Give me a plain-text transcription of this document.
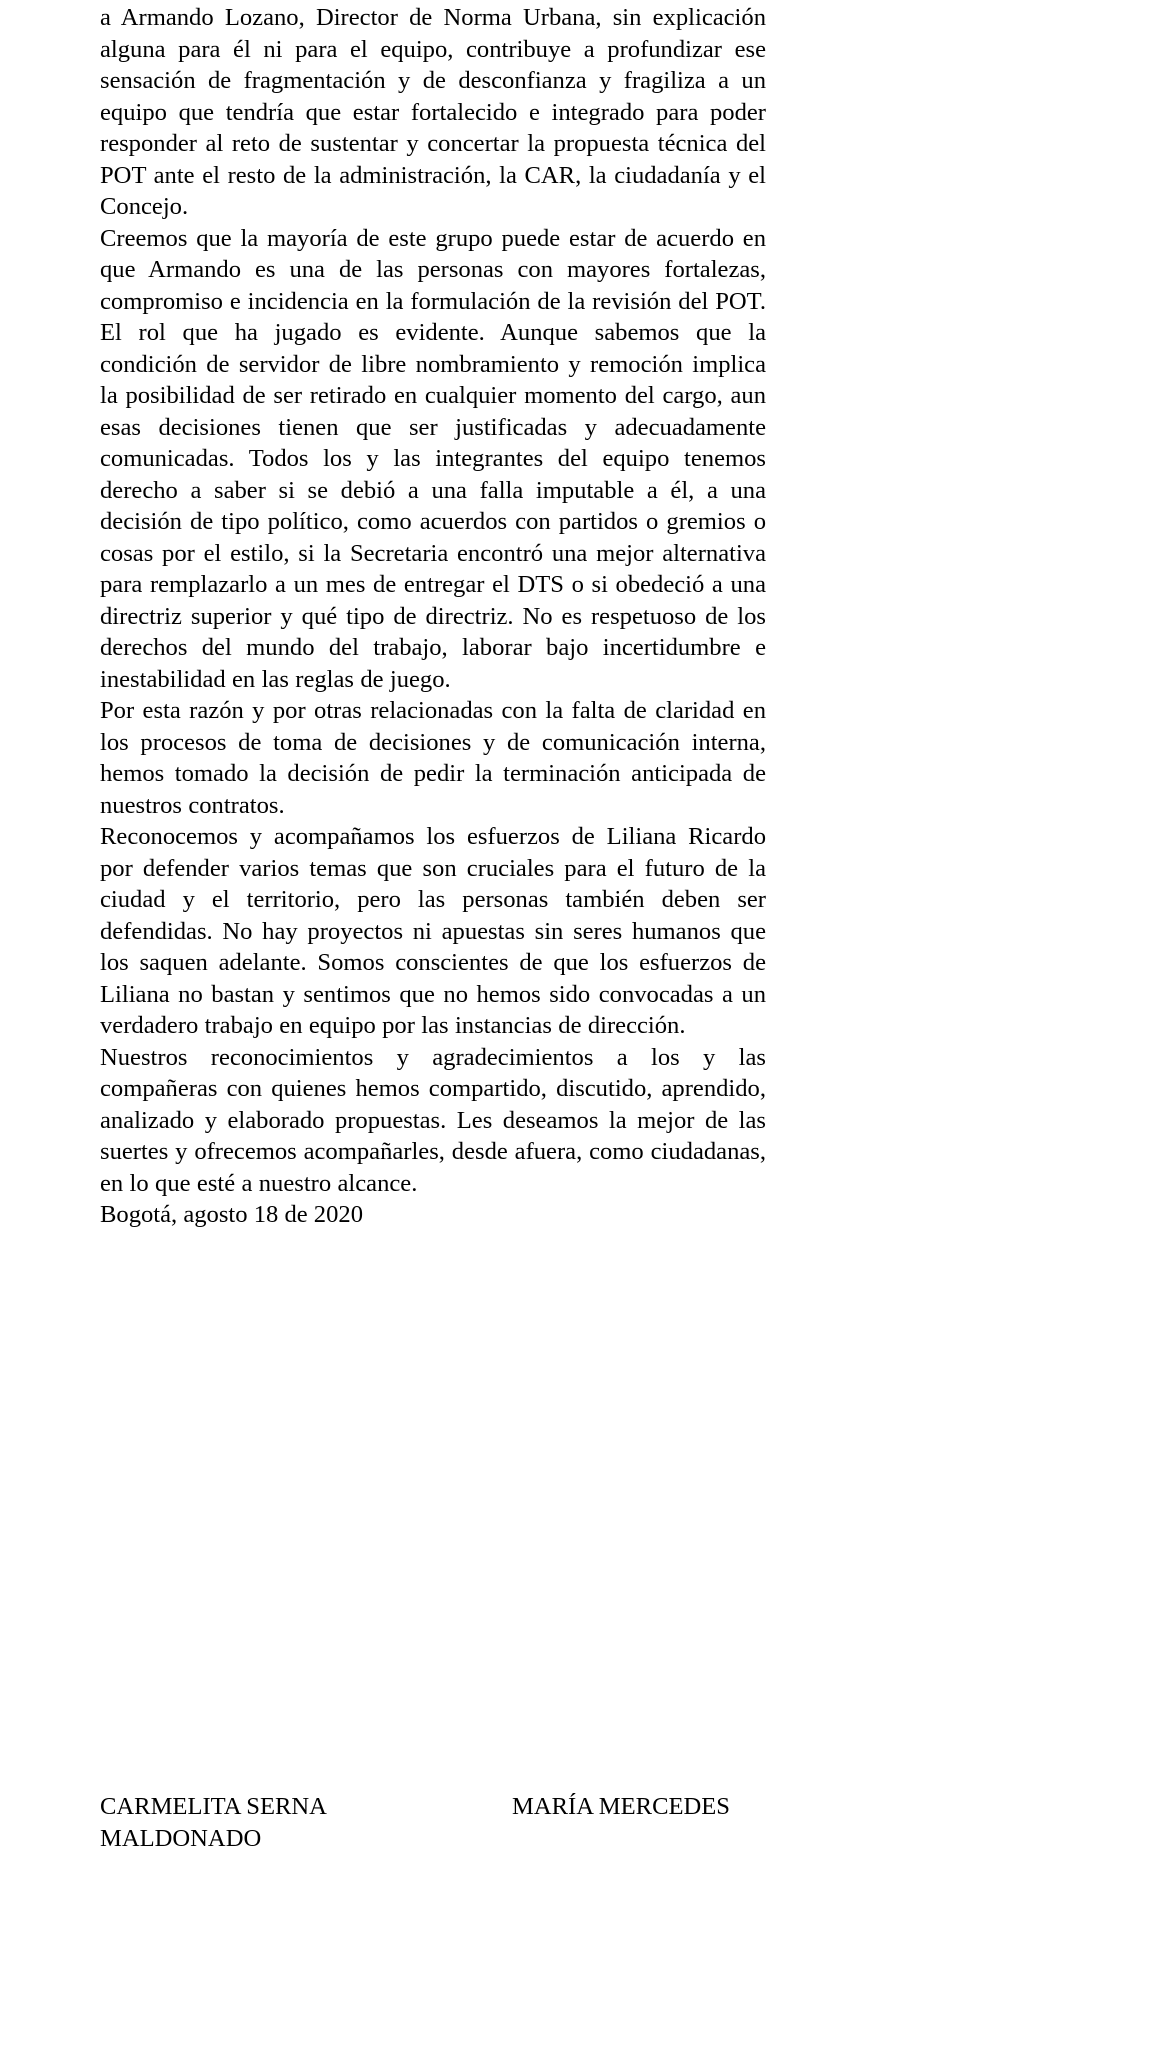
a Armando Lozano, Director de Norma Urbana, sin explicación alguna para él ni para el equipo, contribuye a profundizar ese sensación de fragmentación y de desconfianza y fragiliza a un equipo que tendría que estar fortalecido e integrado para poder responder al reto de sustentar y concertar la propuesta técnica del POT ante el resto de la administración, la CAR, la ciudadanía y el Concejo.

Creemos que la mayoría de este grupo puede estar de acuerdo en que Armando es una de las personas con mayores fortalezas, compromiso e incidencia en la formulación de la revisión del POT. El rol que ha jugado es evidente. Aunque sabemos que la condición de servidor de libre nombramiento y remoción implica la posibilidad de ser retirado en cualquier momento del cargo, aun esas decisiones tienen que ser justificadas y adecuadamente comunicadas. Todos los y las integrantes del equipo tenemos derecho a saber si se debió a una falla imputable a él, a una decisión de tipo político, como acuerdos con partidos o gremios o cosas por el estilo, si la Secretaria encontró una mejor alternativa para remplazarlo a un mes de entregar el DTS o si obedeció a una directriz superior y qué tipo de directriz. No es respetuoso de los derechos del mundo del trabajo, laborar bajo incertidumbre e inestabilidad en las reglas de juego.

Por esta razón y por otras relacionadas con la falta de claridad en los procesos de toma de decisiones y de comunicación interna, hemos tomado la decisión de pedir la terminación anticipada de nuestros contratos.

Reconocemos y acompañamos los esfuerzos de Liliana Ricardo por defender varios temas que son cruciales para el futuro de la ciudad y el territorio, pero las personas también deben ser defendidas. No hay proyectos ni apuestas sin seres humanos que los saquen adelante. Somos conscientes de que los esfuerzos de Liliana no bastan y sentimos que no hemos sido convocadas a un verdadero trabajo en equipo por las instancias de dirección.

Nuestros reconocimientos y agradecimientos a los y las compañeras con quienes hemos compartido, discutido, aprendido, analizado y elaborado propuestas. Les deseamos la mejor de las suertes y ofrecemos acompañarles, desde afuera, como ciudadanas, en lo que esté a nuestro alcance.

Bogotá, agosto 18 de 2020

CARMELITA SERNA
MALDONADO
MARÍA MERCEDES
